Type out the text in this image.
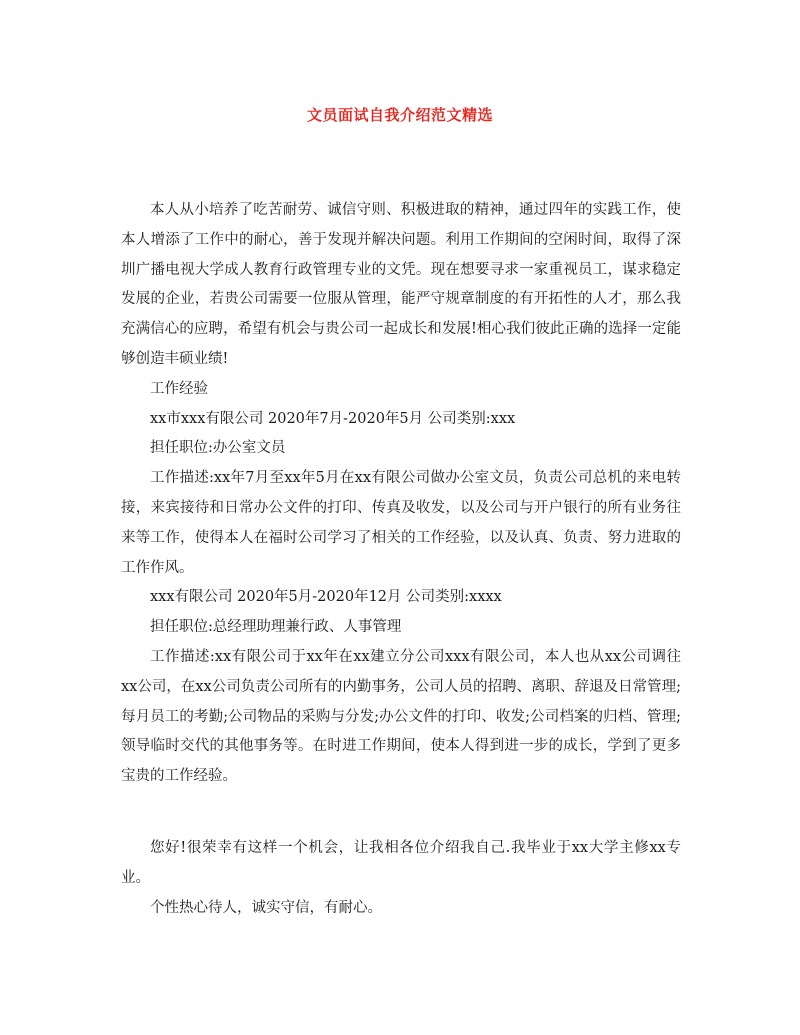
文员面试自我介绍范文精选

本人从小培养了吃苦耐劳、诚信守则、积极进取的精神，通过四年的实践工作，使本人增添了工作中的耐心，善于发现并解决问题。利用工作期间的空闲时间，取得了深圳广播电视大学成人教育行政管理专业的文凭。现在想要寻求一家重视员工，谋求稳定发展的企业，若贵公司需要一位服从管理，能严守规章制度的有开拓性的人才，那么我充满信心的应聘，希望有机会与贵公司一起成长和发展!相心我们彼此正确的选择一定能够创造丰硕业绩!

工作经验

xx市xxx有限公司 2020年7月-2020年5月 公司类别:xxx

担任职位:办公室文员

工作描述:xx年7月至xx年5月在xx有限公司做办公室文员，负责公司总机的来电转接，来宾接待和日常办公文件的打印、传真及收发，以及公司与开户银行的所有业务往来等工作，使得本人在福时公司学习了相关的工作经验，以及认真、负责、努力进取的工作作风。

xxx有限公司 2020年5月-2020年12月 公司类别:xxxx

担任职位:总经理助理兼行政、人事管理

工作描述:xx有限公司于xx年在xx建立分公司xxx有限公司，本人也从xx公司调往xx公司，在xx公司负责公司所有的内勤事务，公司人员的招聘、离职、辞退及日常管理;每月员工的考勤;公司物品的采购与分发;办公文件的打印、收发;公司档案的归档、管理;领导临时交代的其他事务等。在时进工作期间，使本人得到进一步的成长，学到了更多宝贵的工作经验。

您好!很荣幸有这样一个机会，让我相各位介绍我自己.我毕业于xx大学主修xx专业。

个性热心待人，诚实守信，有耐心。
